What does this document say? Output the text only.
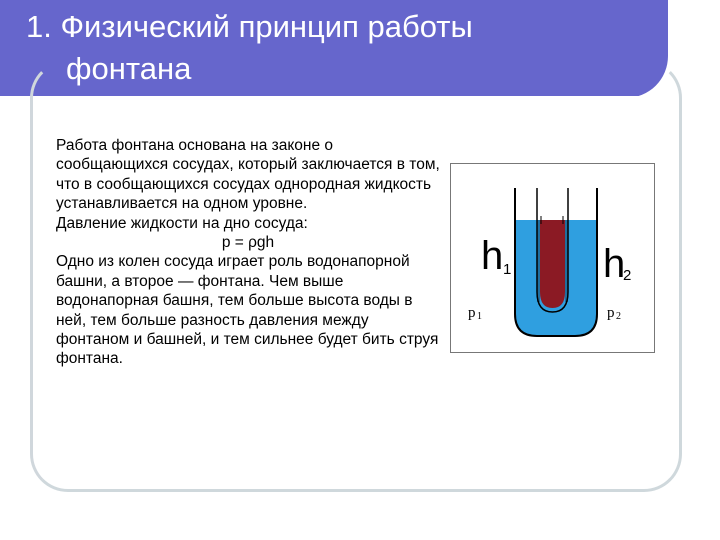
1. Физический принцип работы
фонтана

Работа фонтана основана на законе о сообщающихся сосудах, который заключается в том, что в сообщающихся сосудах однородная жидкость устанавливается на одном уровне.

Давление жидкости на дно сосуда:

p = ρgh

Одно из колен сосуда играет роль водонапорной башни, а второе — фонтана. Чем выше водонапорная башня, тем больше высота воды в ней, тем больше разность давления между фонтаном и башней, и тем сильнее будет бить струя фонтана.

h 1 h
2
p 1	p 2
